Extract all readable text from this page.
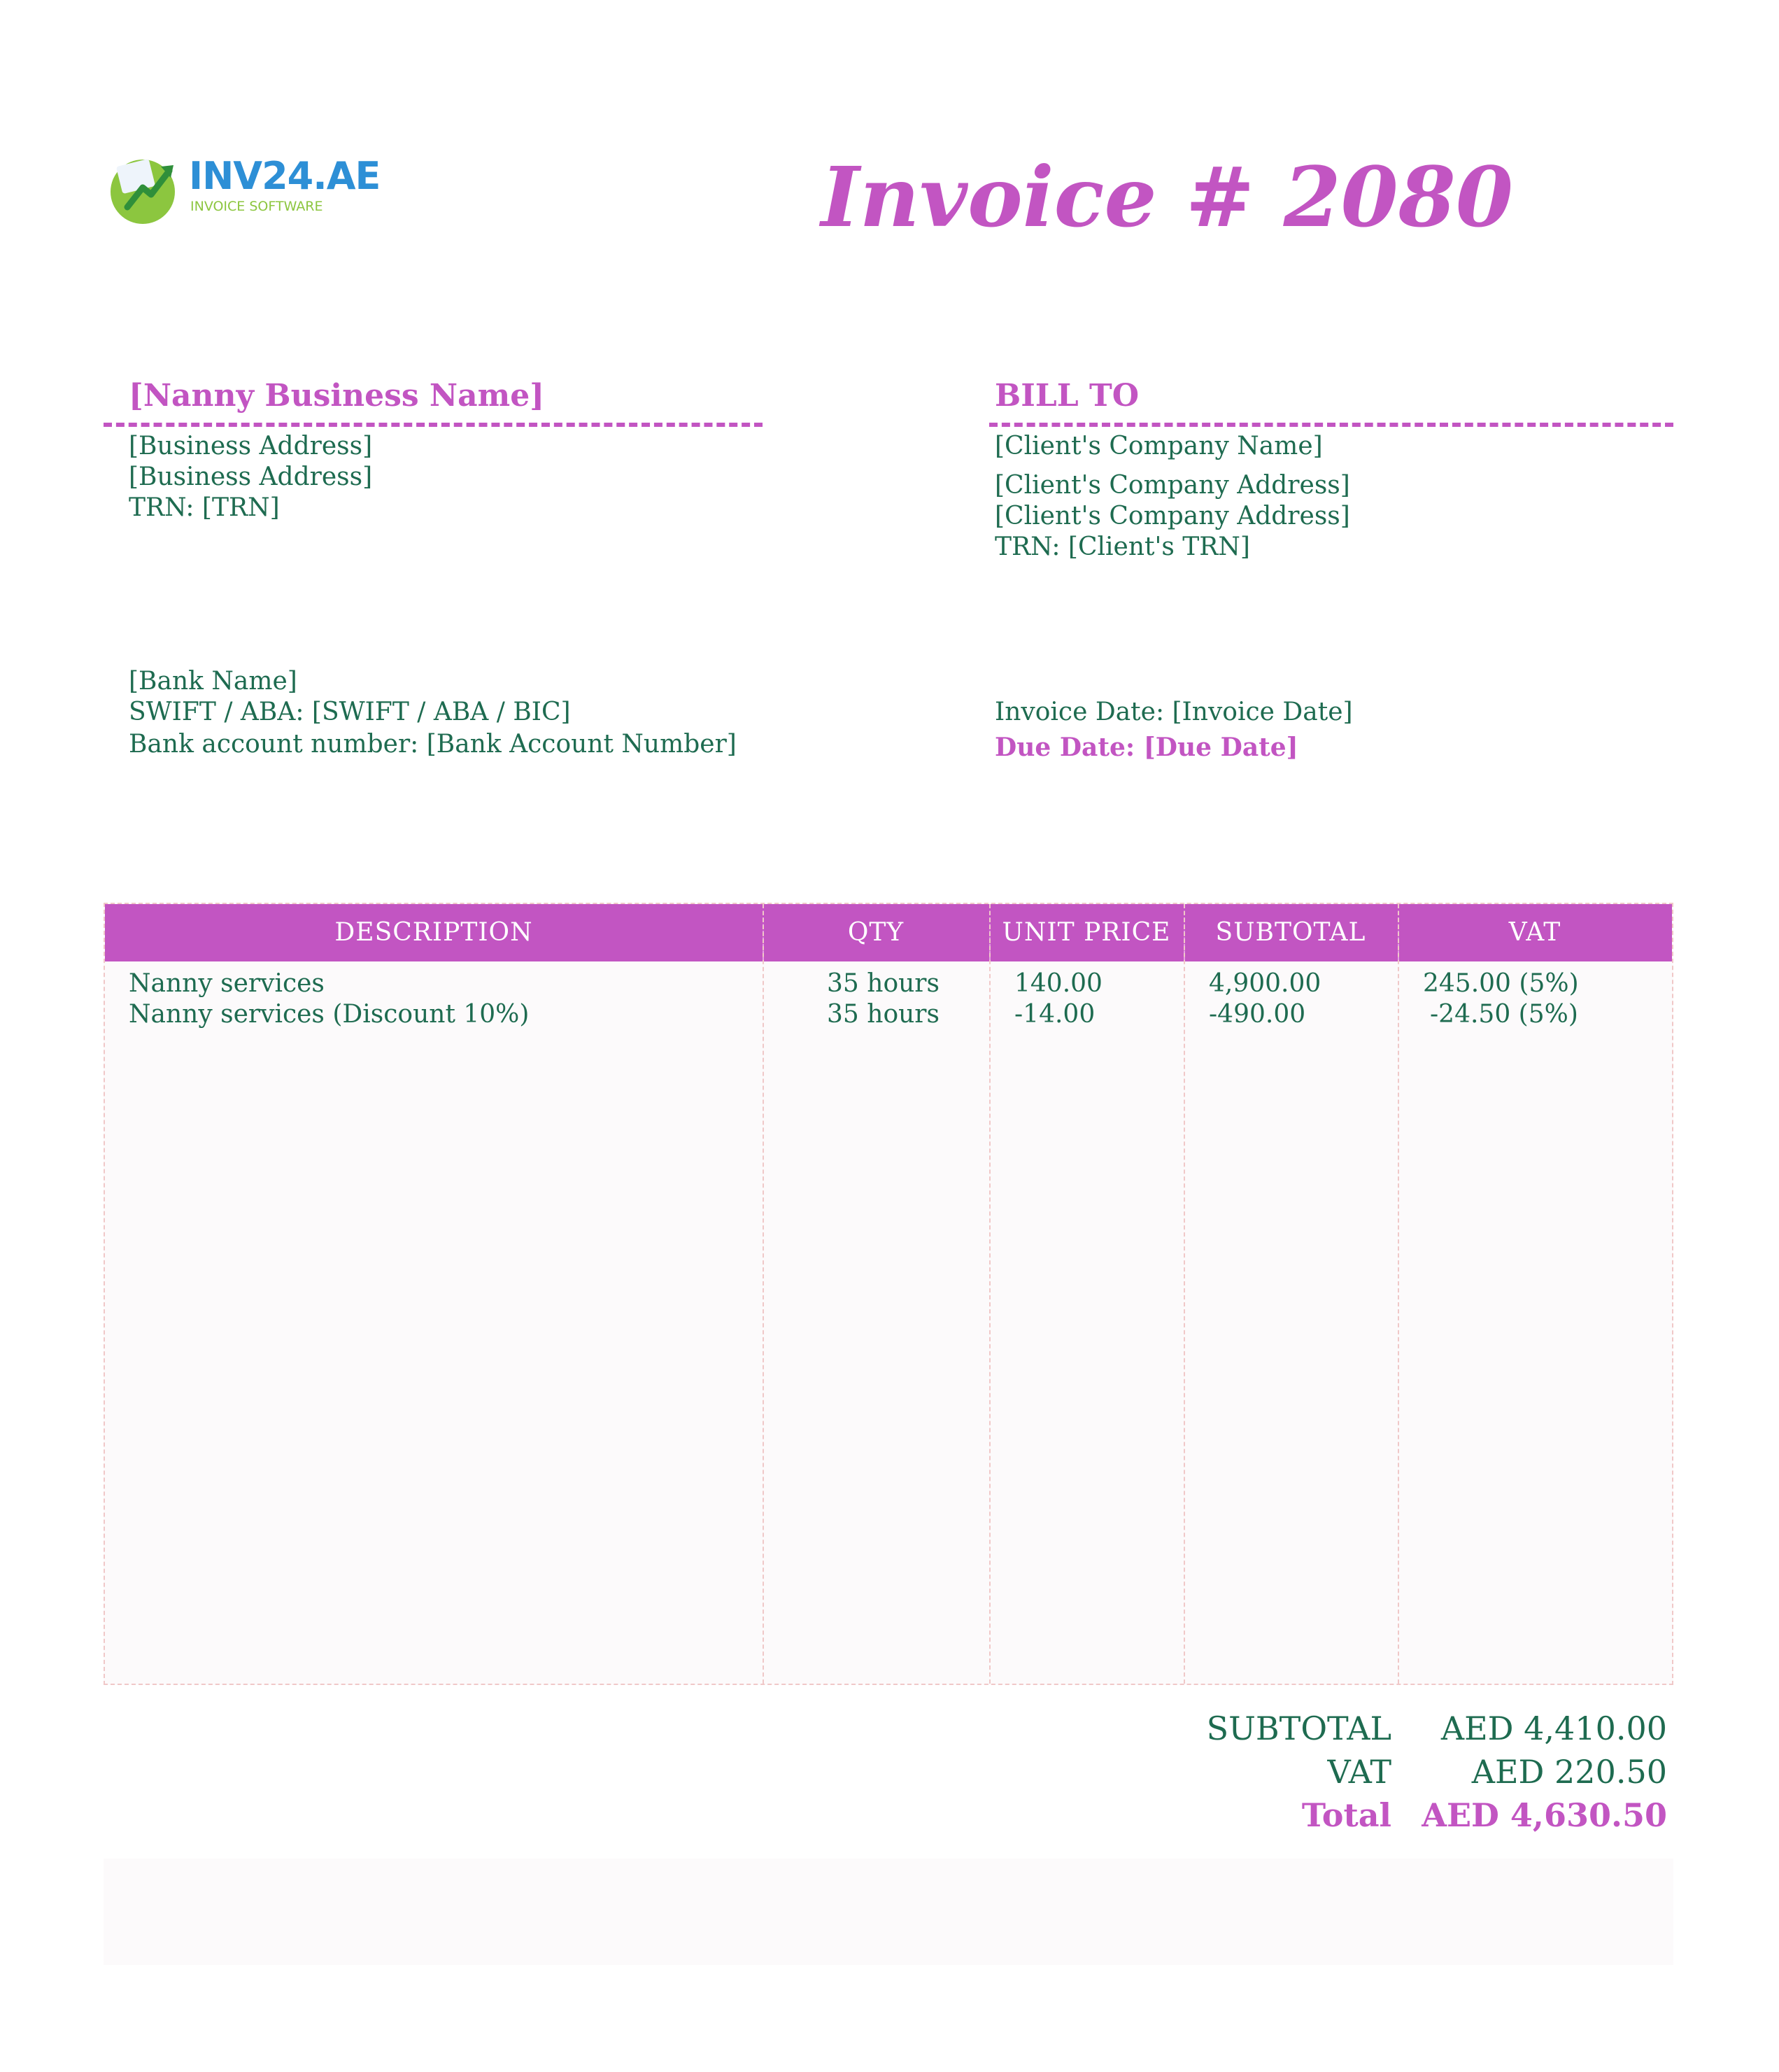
INV24.AE
INVOICE SOFTWARE	Invoice # 2080
[Nanny Business Name]
[Business Address]
[Business Address]
TRN: [TRN]
BILL TO
[Client's Company Name]
[Client's Company Address]
[Client's Company Address]
TRN: [Client's TRN]
[Bank Name]
SWIFT / ABA: [SWIFT / ABA / BIC]
Bank account number: [Bank Account Number]
Invoice Date: [Invoice Date]
Due Date: [Due Date]
DESCRIPTION	QTY	UNIT PRICE	SUBTOTAL	VAT
Nanny services	35 hours	140.00	4,900.00	245.00 (5%)
Nanny services (Discount 10%)	35 hours	-14.00	-490.00	-24.50 (5%)
SUBTOTAL AED 4,410.00
VAT AED 220.50
Total AED 4,630.50
